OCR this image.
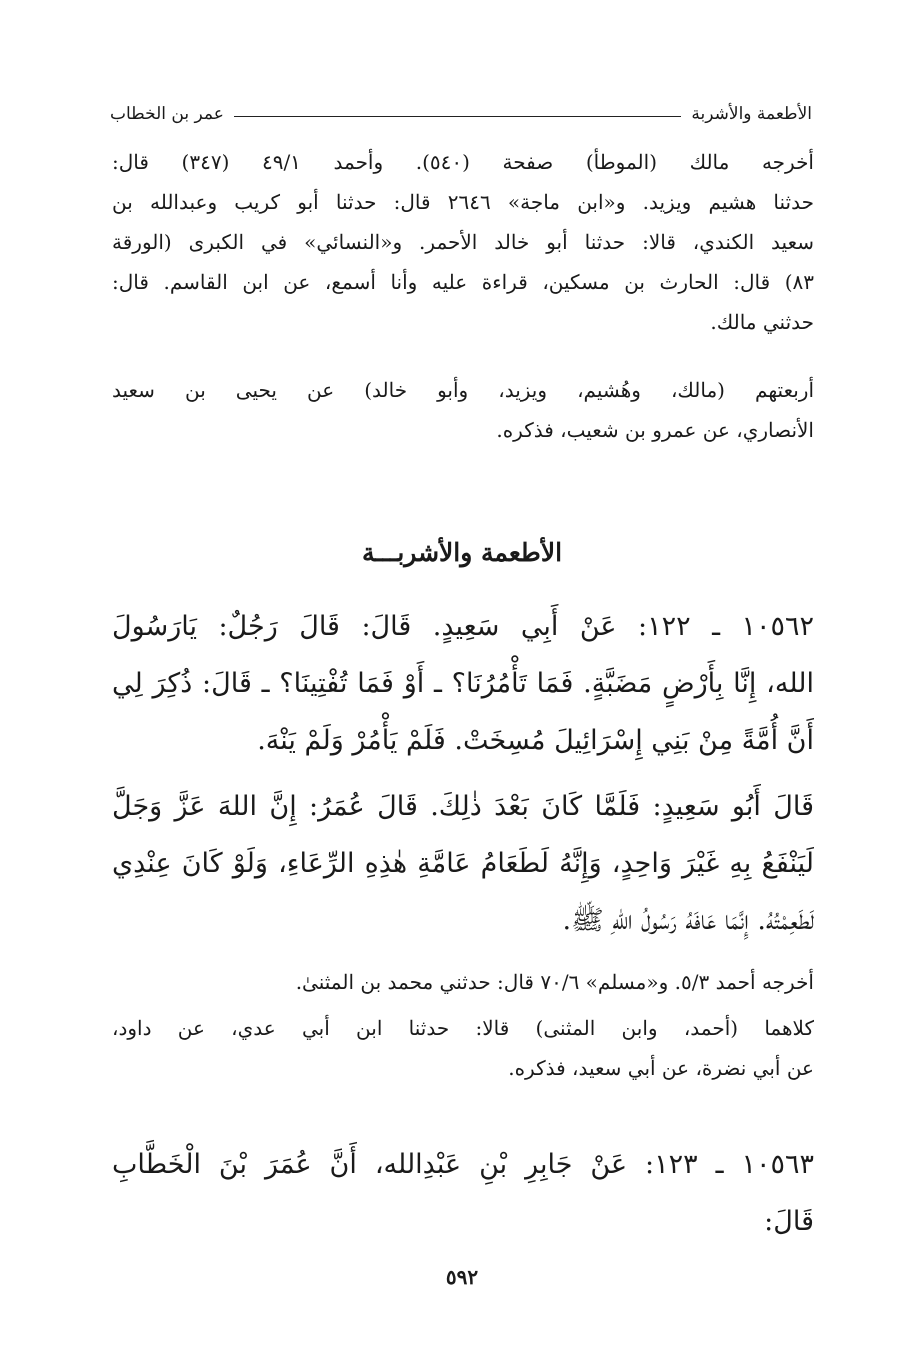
الأطعمة والأشربة
عمر بن الخطاب
أخرجه مالك (الموطأ) صفحة (٥٤٠). وأحمد ٤٩/١ (٣٤٧) قال:
حدثنا هشيم ويزيد. و«ابن ماجة» ٢٦٤٦ قال: حدثنا أبو كريب وعبدالله بن
سعيد الكندي، قالا: حدثنا أبو خالد الأحمر. و«النسائي» في الكبرى (الورقة
٨٣) قال: الحارث بن مسكين، قراءة عليه وأنا أسمع، عن ابن القاسم. قال:
حدثني مالك.
أربعتهم (مالك، وهُشيم، ويزيد، وأبو خالد) عن يحيى بن سعيد
الأنصاري، عن عمرو بن شعيب، فذكره.
الأطعمة والأشربـــة
١٠٥٦٢ ـ ١٢٢: عَنْ أَبِي سَعِيدٍ. قَالَ: قَالَ رَجُلٌ: يَارَسُولَ
الله، إِنَّا بِأَرْضٍ مَضَبَّةٍ. فَمَا تَأْمُرُنَا؟ ـ أَوْ فَمَا تُفْتِينَا؟ ـ قَالَ: ذُكِرَ لِي
أَنَّ أُمَّةً مِنْ بَنِي إِسْرَائِيلَ مُسِخَتْ. فَلَمْ يَأْمُرْ وَلَمْ يَنْهَ.
قَالَ أَبُو سَعِيدٍ: فَلَمَّا كَانَ بَعْدَ ذٰلِكَ. قَالَ عُمَرُ: إِنَّ اللهَ عَزَّ وَجَلَّ
لَيَنْفَعُ بِهِ غَيْرَ وَاحِدٍ، وَإِنَّهُ لَطَعَامُ عَامَّةِ هٰذِهِ الرِّعَاءِ، وَلَوْ كَانَ عِنْدِي
لَطَعِمْتُهُ. إِنَّمَا عَافَهُ رَسُولُ اللهِ ﷺ.
أخرجه أحمد ٥/٣. و«مسلم» ٧٠/٦ قال: حدثني محمد بن المثنىٰ.
كلاهما (أحمد، وابن المثنى) قالا: حدثنا ابن أبي عدي، عن داود،
عن أبي نضرة، عن أبي سعيد، فذكره.
١٠٥٦٣ ـ ١٢٣: عَنْ جَابِرِ بْنِ عَبْدِالله، أَنَّ عُمَرَ بْنَ الْخَطَّابِ
قَالَ:
٥٩٢
